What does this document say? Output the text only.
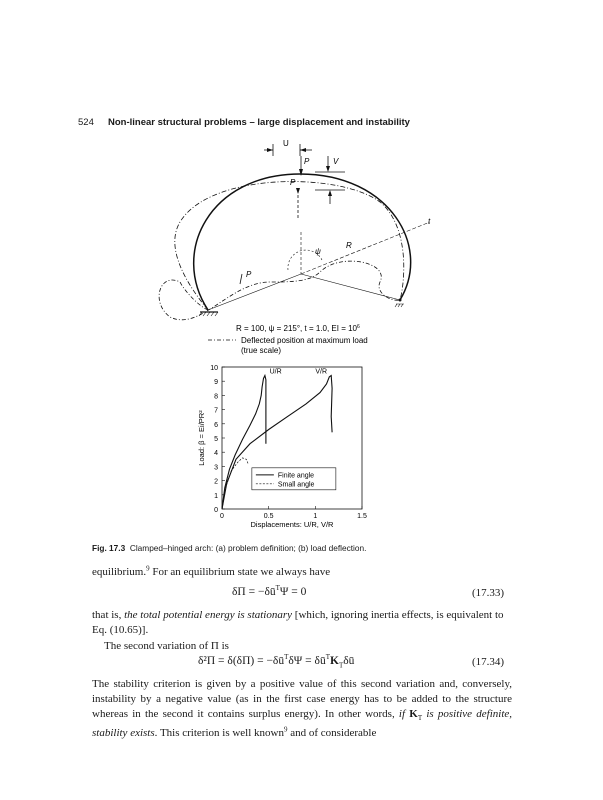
524 Non-linear structural problems – large displacement and instability
U
P	V
P
ψ
R
t
P
R = 100, ψ = 215°, t = 1.0, EI = $10^6$
Deflected position at maximum load
(true scale)
0
1
2
3
4
5
6
7
8
9
10
0	0.5	1	1.5
Displacements: U/R, V/R
Load: β = Ei/PR²
U/R	V/R
Finite angle
Small angle
Fig. 17.3 Clamped–hinged arch: (a) problem definition; (b) load deflection.
equilibrium.$^9$ For an equilibrium state we always have
$\delta\Pi = -\delta ū^T\Psi = 0$	(17.33)
that is, the total potential energy is stationary [which, ignoring inertia effects, is equivalent to Eq. (10.65)].
The second variation of Π is
$\delta^2\Pi = \delta(\delta\Pi) = -\delta ū^T\delta\Psi$ = $\delta ū^TK_T\delta ū$	(17.34)
The stability criterion is given by a positive value of this second variation and, conversely, instability by a negative value (as in the first case energy has to be added to the structure whereas in the second it contains surplus energy). In other words, if $K_T$ is positive definite, stability exists. This criterion is well known$^9$ and of considerable
